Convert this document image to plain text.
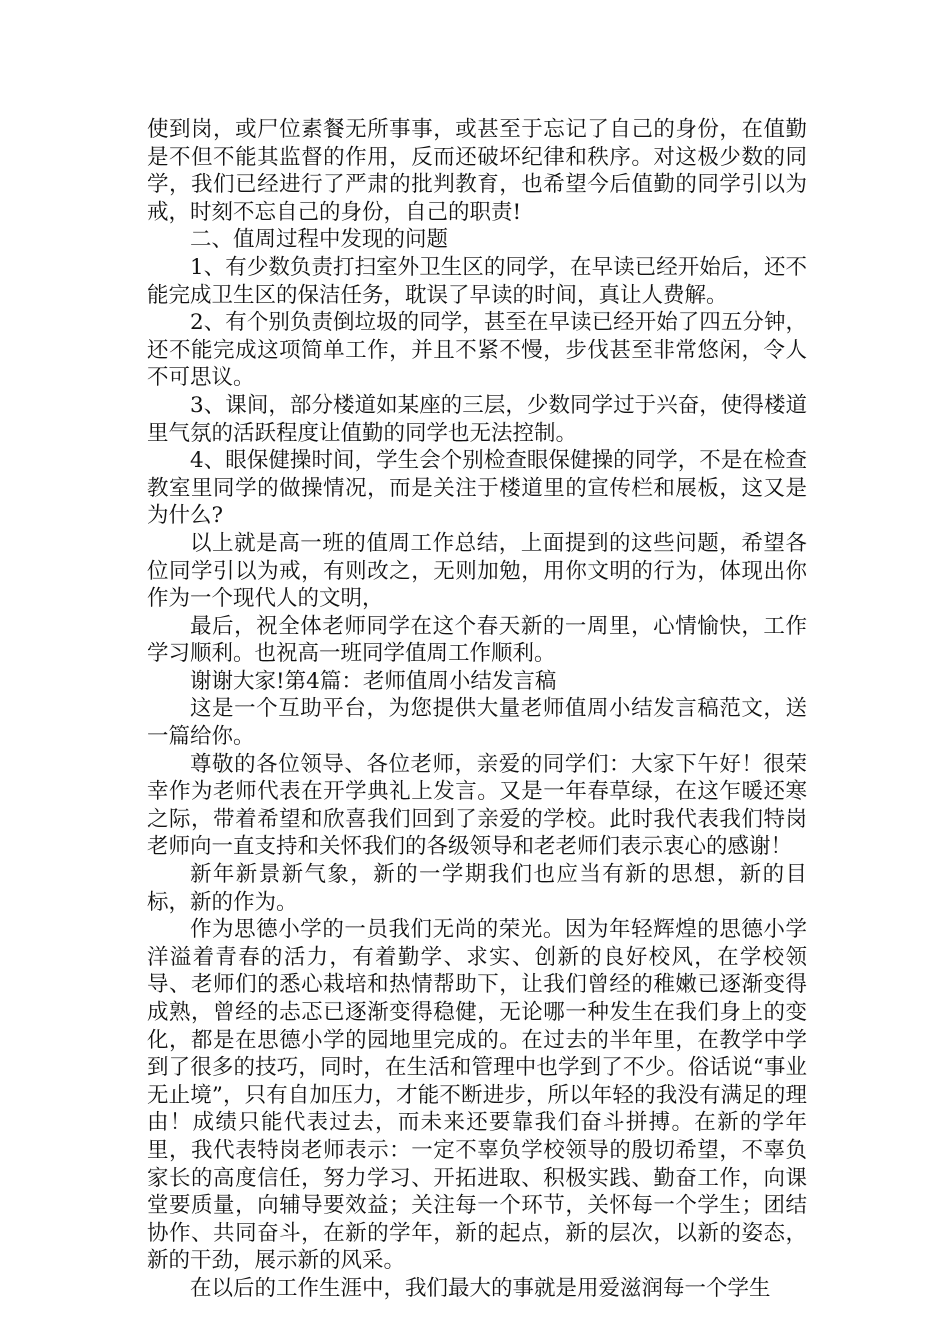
使到岗，或尸位素餐无所事事，或甚至于忘记了自己的身份，在值勤是不但不能其监督的作用，反而还破坏纪律和秩序。对这极少数的同学，我们已经进行了严肃的批判教育，也希望今后值勤的同学引以为戒，时刻不忘自己的身份，自己的职责!

二、值周过程中发现的问题

1、有少数负责打扫室外卫生区的同学，在早读已经开始后，还不能完成卫生区的保洁任务，耽误了早读的时间，真让人费解。

2、有个别负责倒垃圾的同学，甚至在早读已经开始了四五分钟，还不能完成这项简单工作，并且不紧不慢，步伐甚至非常悠闲，令人不可思议。

3、课间，部分楼道如某座的三层，少数同学过于兴奋，使得楼道里气氛的活跃程度让值勤的同学也无法控制。

4、眼保健操时间，学生会个别检查眼保健操的同学，不是在检查教室里同学的做操情况，而是关注于楼道里的宣传栏和展板，这又是为什么?

以上就是高一班的值周工作总结，上面提到的这些问题，希望各位同学引以为戒，有则改之，无则加勉，用你文明的行为，体现出你作为一个现代人的文明，

最后，祝全体老师同学在这个春天新的一周里，心情愉快，工作学习顺利。也祝高一班同学值周工作顺利。

谢谢大家!第4篇：老师值周小结发言稿

这是一个互助平台，为您提供大量老师值周小结发言稿范文，送一篇给你。

尊敬的各位领导、各位老师，亲爱的同学们：大家下午好！很荣幸作为老师代表在开学典礼上发言。又是一年春草绿，在这乍暖还寒之际，带着希望和欣喜我们回到了亲爱的学校。此时我代表我们特岗老师向一直支持和关怀我们的各级领导和老老师们表示衷心的感谢！

新年新景新气象，新的一学期我们也应当有新的思想，新的目标，新的作为。

作为思德小学的一员我们无尚的荣光。因为年轻辉煌的思德小学洋溢着青春的活力，有着勤学、求实、创新的良好校风，在学校领导、老师们的悉心栽培和热情帮助下，让我们曾经的稚嫩已逐渐变得成熟，曾经的忐忑已逐渐变得稳健，无论哪一种发生在我们身上的变化，都是在思德小学的园地里完成的。在过去的半年里，在教学中学到了很多的技巧，同时，在生活和管理中也学到了不少。俗话说“事业无止境”，只有自加压力，才能不断进步，所以年轻的我没有满足的理由！成绩只能代表过去，而未来还要靠我们奋斗拼搏。在新的学年里，我代表特岗老师表示：一定不辜负学校领导的殷切希望，不辜负家长的高度信任，努力学习、开拓进取、积极实践、勤奋工作，向课堂要质量，向辅导要效益；关注每一个环节，关怀每一个学生；团结协作、共同奋斗，在新的学年，新的起点，新的层次，以新的姿态，新的干劲，展示新的风采。

在以后的工作生涯中，我们最大的事就是用爱滋润每一个学生
